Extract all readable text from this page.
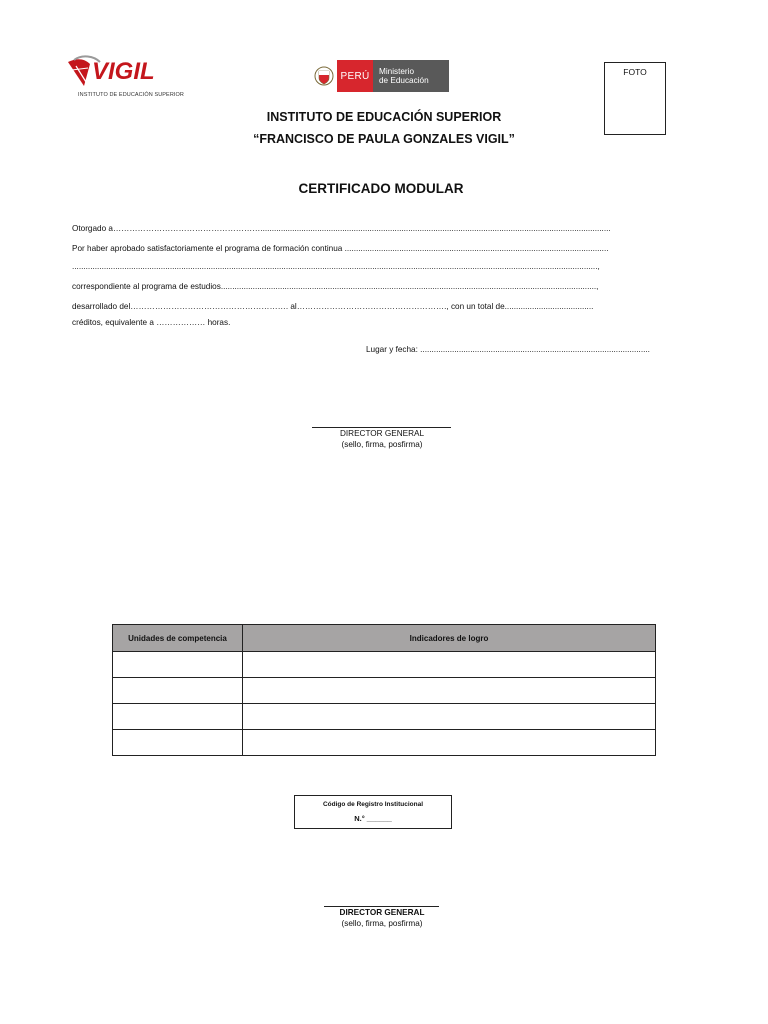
VIGIL
INSTITUTO DE EDUCACIÓN SUPERIOR
PERÚ	Ministerio
de Educación
FOTO
INSTITUTO DE EDUCACIÓN SUPERIOR
“FRANCISCO DE PAULA GONZALES VIGIL”
CERTIFICADO MODULAR
Otorgado a………………………………………………..........................................................................................................................................................
Por haber aprobado satisfactoriamente el programa de formación continua ....................................................................................................................
.......................................................................................................................................................................................................................................,
correspondiente al programa de estudios.....................................................................................................................................................................,
desarrollado del…………………………………………………. al………………………………………………., con un total de.......................................
créditos, equivalente a ……………… horas.
Lugar y fecha: .....................................................................................................
DIRECTOR GENERAL
(sello, firma, posfirma)
Unidades de competencia	Indicadores de logro

Código de Registro Institucional
N.° ______
DIRECTOR GENERAL
(sello, firma, posfirma)
